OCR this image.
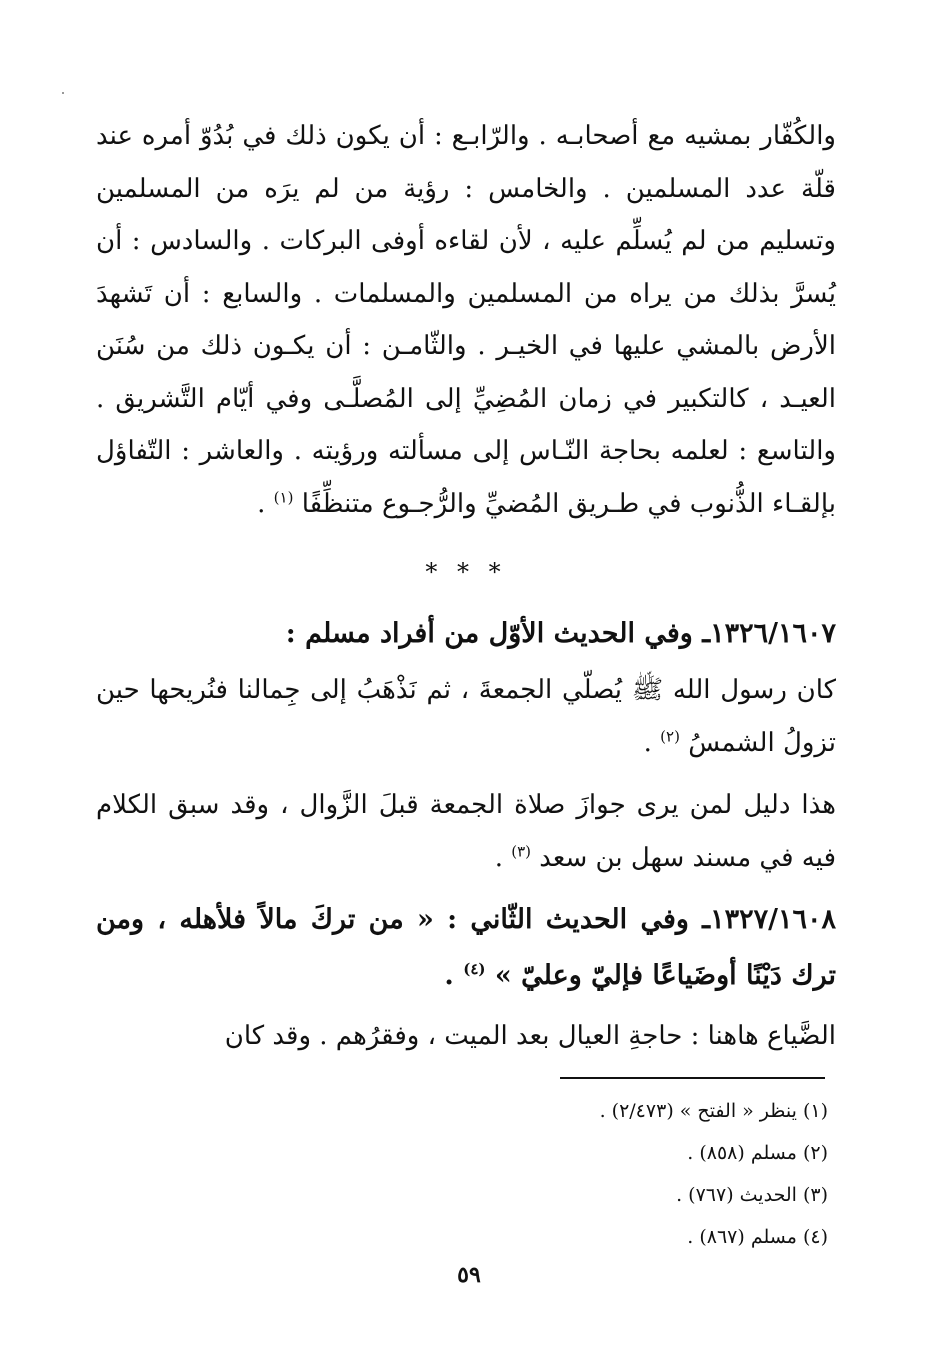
والكُفّار بمشيه مع أصحابـه . والرّابـع : أن يكون ذلك في بُدُوّ أمره عند قلّة عدد المسلمين . والخامس : رؤية من لم يرَه من المسلمين وتسليم من لم يُسلِّم عليه ، لأن لقاءه أوفى البركات . والسادس : أن يُسرَّ بذلك من يراه من المسلمين والمسلمات . والسابع : أن تَشهدَ الأرض بالمشي عليها في الخيـر . والثّامـن : أن يكـون ذلك من سُنَن العيـد ، كالتكبير في زمان المُضِيِّ إلى المُصلَّـى وفي أيّام التَّشريق . والتاسع : لعلمه بحاجة النّـاس إلى مسألته ورؤيته . والعاشر : التّفاؤل بإلقـاء الذُّنوب في طـريق المُضيِّ والرُّجـوع متنظِّفًا $^{(١)}$ .

* * *

١٣٢٦/١٦٠٧ـ وفي الحديث الأوّل من أفراد مسلم :

كان رسول الله ﷺ يُصلّي الجمعةَ ، ثم نَذْهَبُ إلى جِمالنا فنُريحها حين تزولُ الشمسُ $^{(٢)}$ .

هذا دليل لمن يرى جوازَ صلاة الجمعة قبلَ الزَّوال ، وقد سبق الكلام فيه في مسند سهل بن سعد $^{(٣)}$ .

١٣٢٧/١٦٠٨ـ وفي الحديث الثّاني : « من تركَ مالاً فلأهله ، ومن ترك دَيْنًا أوضَياعًا فإليّ وعليّ » $^{(٤)}$ .

الضَّياع هاهنا : حاجةِ العيال بعد الميت ، وفقرُهم . وقد كان

(١) ينظر « الفتح » (٢/٤٧٣) .

(٢) مسلم (٨٥٨) .

(٣) الحديث (٧٦٧) .

(٤) مسلم (٨٦٧) .

٥٩
